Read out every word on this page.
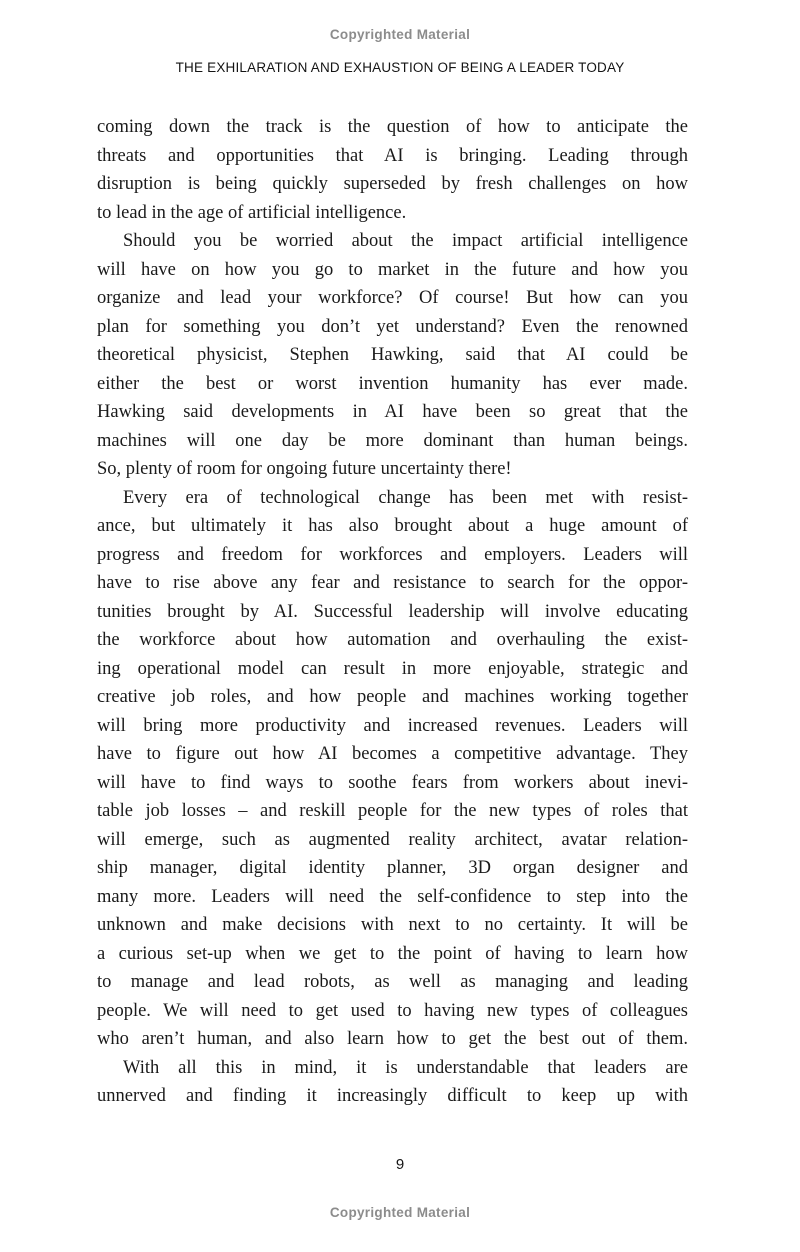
Copyrighted Material
THE EXHILARATION AND EXHAUSTION OF BEING A LEADER TODAY
coming down the track is the question of how to anticipate the
threats and opportunities that AI is bringing. Leading through
disruption is being quickly superseded by fresh challenges on how
to lead in the age of artificial intelligence.
Should you be worried about the impact artificial intelligence
will have on how you go to market in the future and how you
organize and lead your workforce? Of course! But how can you
plan for something you don’t yet understand? Even the renowned
theoretical physicist, Stephen Hawking, said that AI could be
either the best or worst invention humanity has ever made.
Hawking said developments in AI have been so great that the
machines will one day be more dominant than human beings.
So, plenty of room for ongoing future uncertainty there!
Every era of technological change has been met with resist-
ance, but ultimately it has also brought about a huge amount of
progress and freedom for workforces and employers. Leaders will
have to rise above any fear and resistance to search for the oppor-
tunities brought by AI. Successful leadership will involve educating
the workforce about how automation and overhauling the exist-
ing operational model can result in more enjoyable, strategic and
creative job roles, and how people and machines working together
will bring more productivity and increased revenues. Leaders will
have to figure out how AI becomes a competitive advantage. They
will have to find ways to soothe fears from workers about inevi-
table job losses – and reskill people for the new types of roles that
will emerge, such as augmented reality architect, avatar relation-
ship manager, digital identity planner, 3D organ designer and
many more. Leaders will need the self-confidence to step into the
unknown and make decisions with next to no certainty. It will be
a curious set-up when we get to the point of having to learn how
to manage and lead robots, as well as managing and leading
people. We will need to get used to having new types of colleagues
who aren’t human, and also learn how to get the best out of them.
With all this in mind, it is understandable that leaders are
unnerved and finding it increasingly difficult to keep up with
9
Copyrighted Material
